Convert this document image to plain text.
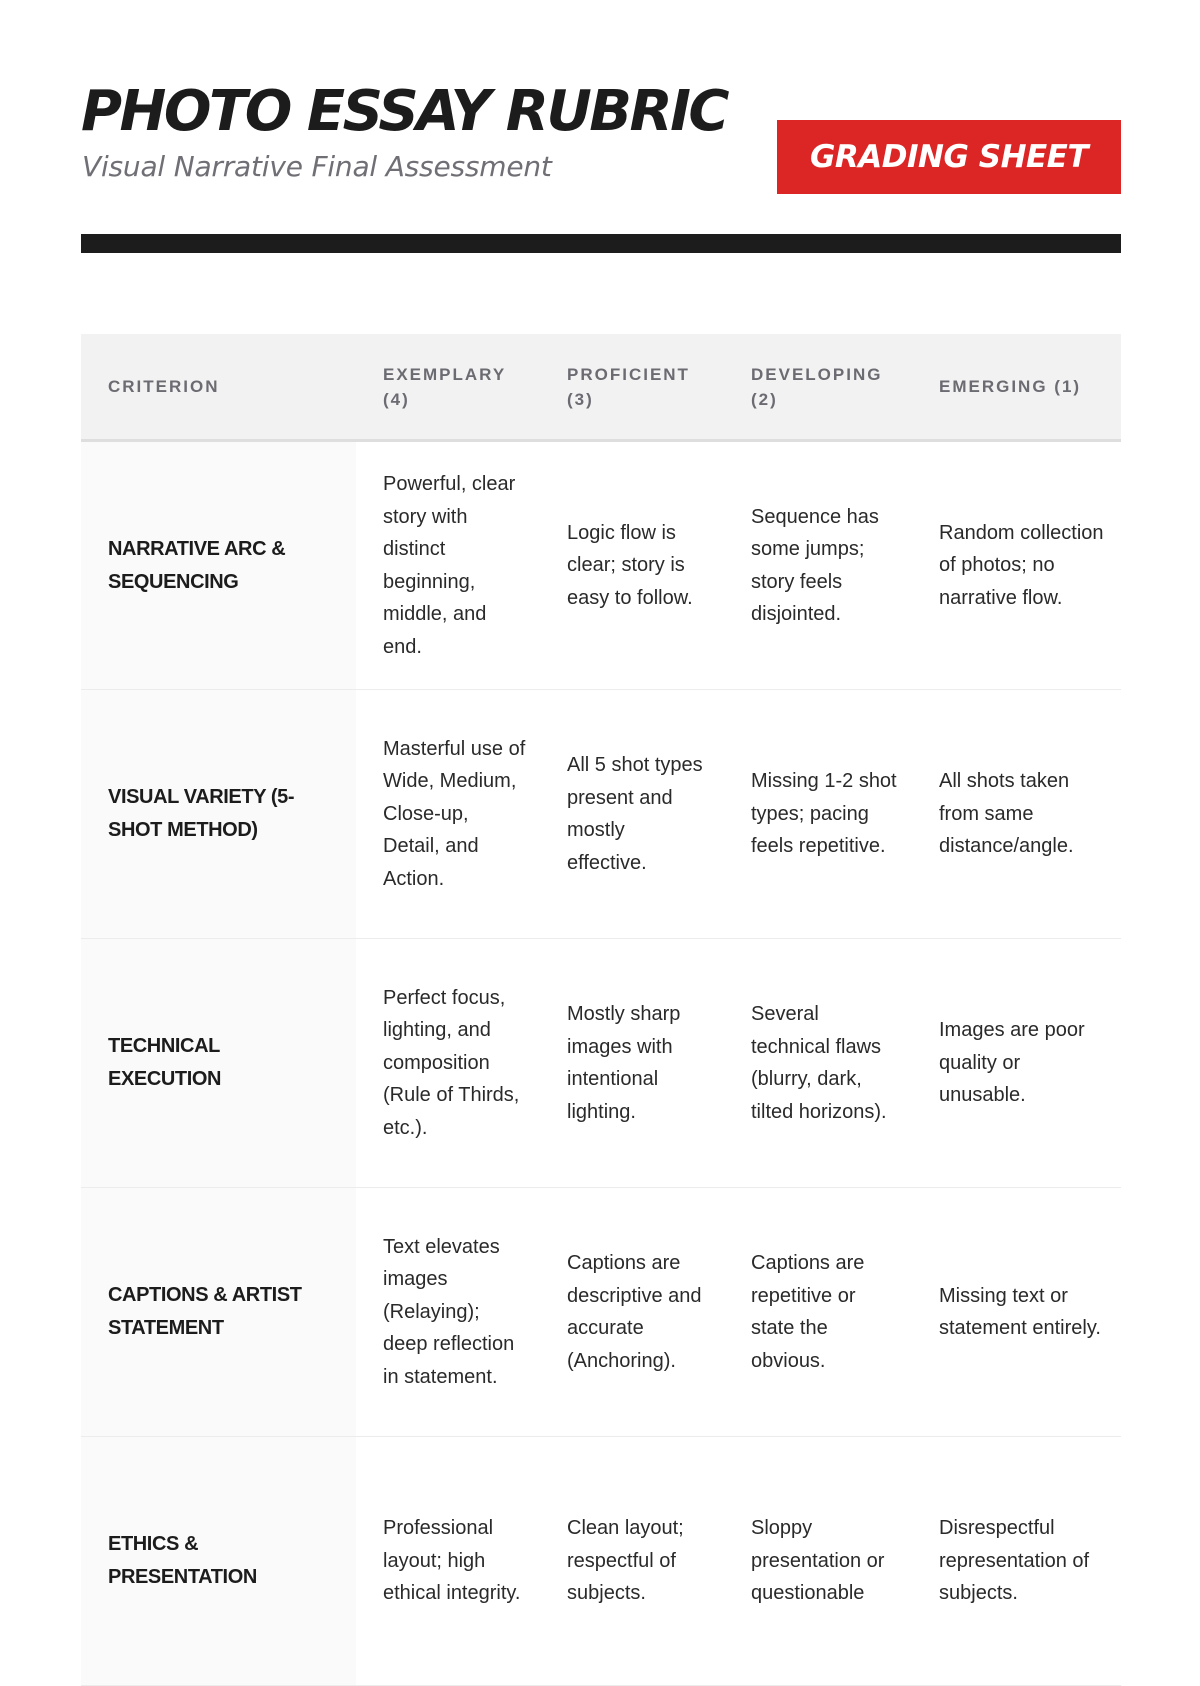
PHOTO ESSAY RUBRIC
Visual Narrative Final Assessment	GRADING SHEET
CRITERION	EXEMPLARY (4)	PROFICIENT (3)	DEVELOPING (2)	EMERGING (1)
NARRATIVE ARC & SEQUENCING	Powerful, clear story with distinct beginning, middle, and end.	Logic flow is clear; story is easy to follow.	Sequence has some jumps; story feels disjointed.	Random collection of photos; no narrative flow.
VISUAL VARIETY (5-SHOT METHOD)	Masterful use of Wide, Medium, Close-up, Detail, and Action.	All 5 shot types present and mostly effective.	Missing 1-2 shot types; pacing feels repetitive.	All shots taken from same distance/angle.
TECHNICAL EXECUTION	Perfect focus, lighting, and composition (Rule of Thirds, etc.).	Mostly sharp images with intentional lighting.	Several technical flaws (blurry, dark, tilted horizons).	Images are poor quality or unusable.
CAPTIONS & ARTIST STATEMENT	Text elevates images (Relaying); deep reflection in statement.	Captions are descriptive and accurate (Anchoring).	Captions are repetitive or state the obvious.	Missing text or statement entirely.
ETHICS & PRESENTATION	Professional layout; high ethical integrity.	Clean layout; respectful of subjects.	Sloppy presentation or questionable	Disrespectful representation of subjects.
